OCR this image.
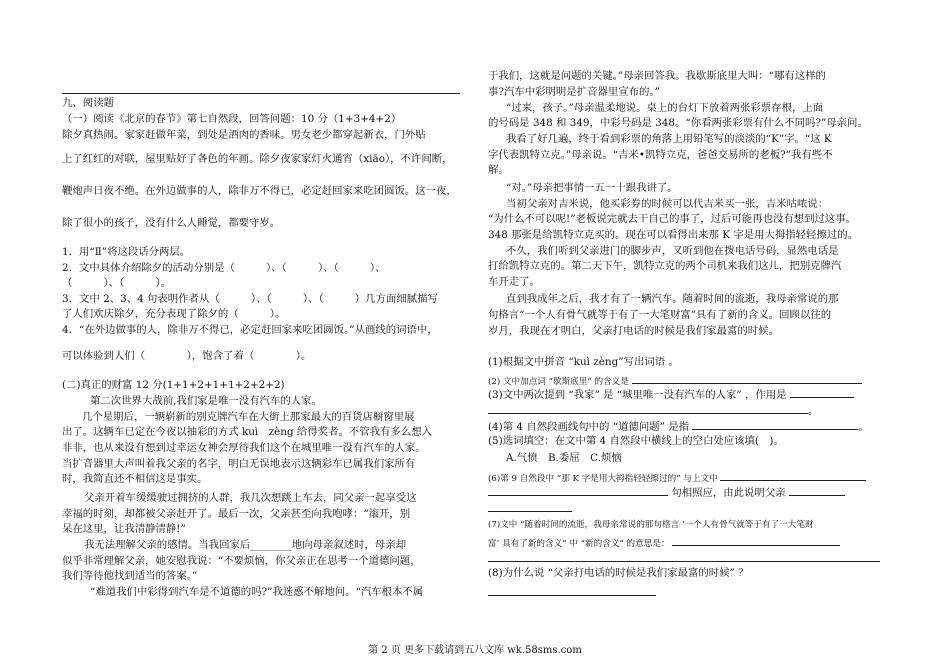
九、阅读题
（一）阅读《北京的春节》第七自然段，回答问题：10 分（1+3+4+2）
除夕真热闹。家家赶做年菜，到处是酒肉的香味。男女老少都穿起新衣，门外贴
上了红红的对联，屋里贴好了各色的年画。除夕夜家家灯火通宵（xiāo），不许间断，
鞭炮声日夜不绝。在外边做事的人，除非万不得已，必定赶回家来吃团圆饭。这一夜，
除了很小的孩子，没有什么人睡觉，都要守岁。
1．用“Ⅱ”将这段话分两层。
2．文中具体介绍除夕的活动分别是（　　　）、（　　　）、（　　　）、
（　　　）、（　　　）。
3．文中 2、3、4 句表明作者从（　　　）、（　　　）、（　　　）几方面细腻描写
了人们欢庆除夕，充分表现了除夕的（　　　）。
4．“在外边做事的人，除非万不得已，必定赶回家来吃团圆饭。”从画线的词语中，
可以体验到人们（　　　　），饱含了着（　　　　）。
(二)真正的财富 12 分(1+1+2+1+1+2+2+2)
第二次世界大战前,我们家是唯一没有汽车的人家。
几个星期后，一辆崭新的别克牌汽车在大街上那家最大的百货店橱窗里展
出了。这辆车已定在今夜以抽彩的方式 kuì　zèng 给得奖者。不管我有多么想入
非非，也从来没有想到过幸运女神会厚待我们这个在城里唯一没有汽车的人家。
当扩音器里大声叫着我父亲的名字，明白无误地表示这辆彩车已属我们家所有
时，我简直还不相信这是事实。
父亲开着车缓缓驶过拥挤的人群，我几次想跳上车去，同父亲一起享受这
幸福的时刻，却都被父亲赶开了。最后一次，父亲甚至向我咆哮：“滚开，别
呆在这里，让我清静清静!”
我无法理解父亲的感情。当我回家后________地向母亲叙述时，母亲却
似乎非常理解父亲，她安慰我说：“不要烦恼，你父亲正在思考一个道德问题，
我们等待他找到适当的答案。”
“难道我们中彩得到汽车是不道德的吗?”我迷惑不解地问。“汽车根本不属
于我们，这就是问题的关键。”母亲回答我。我歇斯底里大叫：“哪有这样的
事?汽车中彩明明是扩音器里宣布的。”
“过来，孩子。”母亲温柔地说。桌上的台灯下放着两张彩票存根，上面
的号码是 348 和 349，中彩号码是 348。“你看两张彩票有什么不同吗?”母亲问。
我看了好几遍，终于看到彩票的角落上用铅笔写的淡淡的“K”字。“这 K
字代表凯特立克。”母亲说。“吉米•凯特立克，爸爸交易所的老板?”我有些不
解。
“对。”母亲把事情一五一十跟我讲了。
当初父亲对吉米说，他买彩券的时候可以代吉米买一张，吉米咕哝说：
“为什么不可以呢!”老板说完就去干自己的事了，过后可能再也没有想到过这事。
348 那张是给凯特立克买的。现在可以看得出来那 K 字是用大拇指轻轻擦过的。
不久，我们听到父亲进门的脚步声，又听到他在拨电话号码，显然电话是
打给凯特立克的。第二天下午，凯特立克的两个司机来我们这儿，把别克牌汽
车开走了。
直到我成年之后，我才有了一辆汽车。随着时间的流逝，我母亲常说的那
句格言“一个人有骨气就等于有了一大笔财富”具有了新的含义。回顾以往的
岁月，我现在才明白，父亲打电话的时候是我们家最富的时候。
(1)根据文中拼音 “kuì zèng”写出词语 。
(2) 文中加点词 “歇斯底里” 的含义是
(3)文中两次提到 “我家” 是 “城里唯一没有汽车的人家” ，作用是
。
(4)第 4 自然段画线句中的 “道德问题” 是指	。
(5)选词填空：在文中第 4 自然段中横线上的空白处应该填(　)。
A.气愤　B.委屈　C.烦恼
(6)第 9 自然段中 “那 K 字是用大拇指轻轻擦过的” 与上文中
句相照应，由此说明父亲
(7)文中 “随着时间的流逝，我母亲常说的那句格言 ‘一个人有骨气就等于有了一大笔财
富’ 具有了新的含义” 中 “新的含义” 的意思是：
(8)为什么说 “父亲打电话的时候是我们家最富的时候” ？
第 2 页 更多下载请到五八文库 wk.58sms.com
